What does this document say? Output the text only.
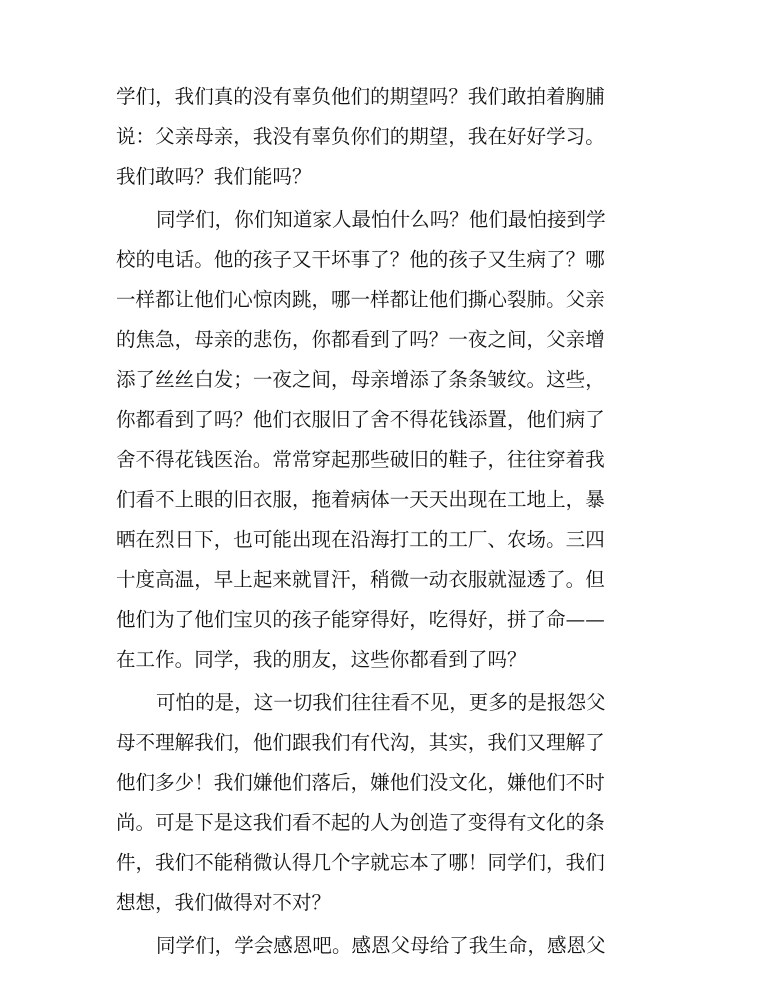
学们，我们真的没有辜负他们的期望吗？我们敢拍着胸脯
说：父亲母亲，我没有辜负你们的期望，我在好好学习。
我们敢吗？我们能吗？
同学们，你们知道家人最怕什么吗？他们最怕接到学
校的电话。他的孩子又干坏事了？他的孩子又生病了？哪
一样都让他们心惊肉跳，哪一样都让他们撕心裂肺。父亲
的焦急，母亲的悲伤，你都看到了吗？一夜之间，父亲增
添了丝丝白发；一夜之间，母亲增添了条条皱纹。这些，
你都看到了吗？他们衣服旧了舍不得花钱添置，他们病了
舍不得花钱医治。常常穿起那些破旧的鞋子，往往穿着我
们看不上眼的旧衣服，拖着病体一天天出现在工地上，暴
晒在烈日下，也可能出现在沿海打工的工厂、农场。三四
十度高温，早上起来就冒汗，稍微一动衣服就湿透了。但
他们为了他们宝贝的孩子能穿得好，吃得好，拼了命——
在工作。同学，我的朋友，这些你都看到了吗？
可怕的是，这一切我们往往看不见，更多的是报怨父
母不理解我们，他们跟我们有代沟，其实，我们又理解了
他们多少！我们嫌他们落后，嫌他们没文化，嫌他们不时
尚。可是下是这我们看不起的人为创造了变得有文化的条
件，我们不能稍微认得几个字就忘本了哪！同学们，我们
想想，我们做得对不对？
同学们，学会感恩吧。感恩父母给了我生命，感恩父
